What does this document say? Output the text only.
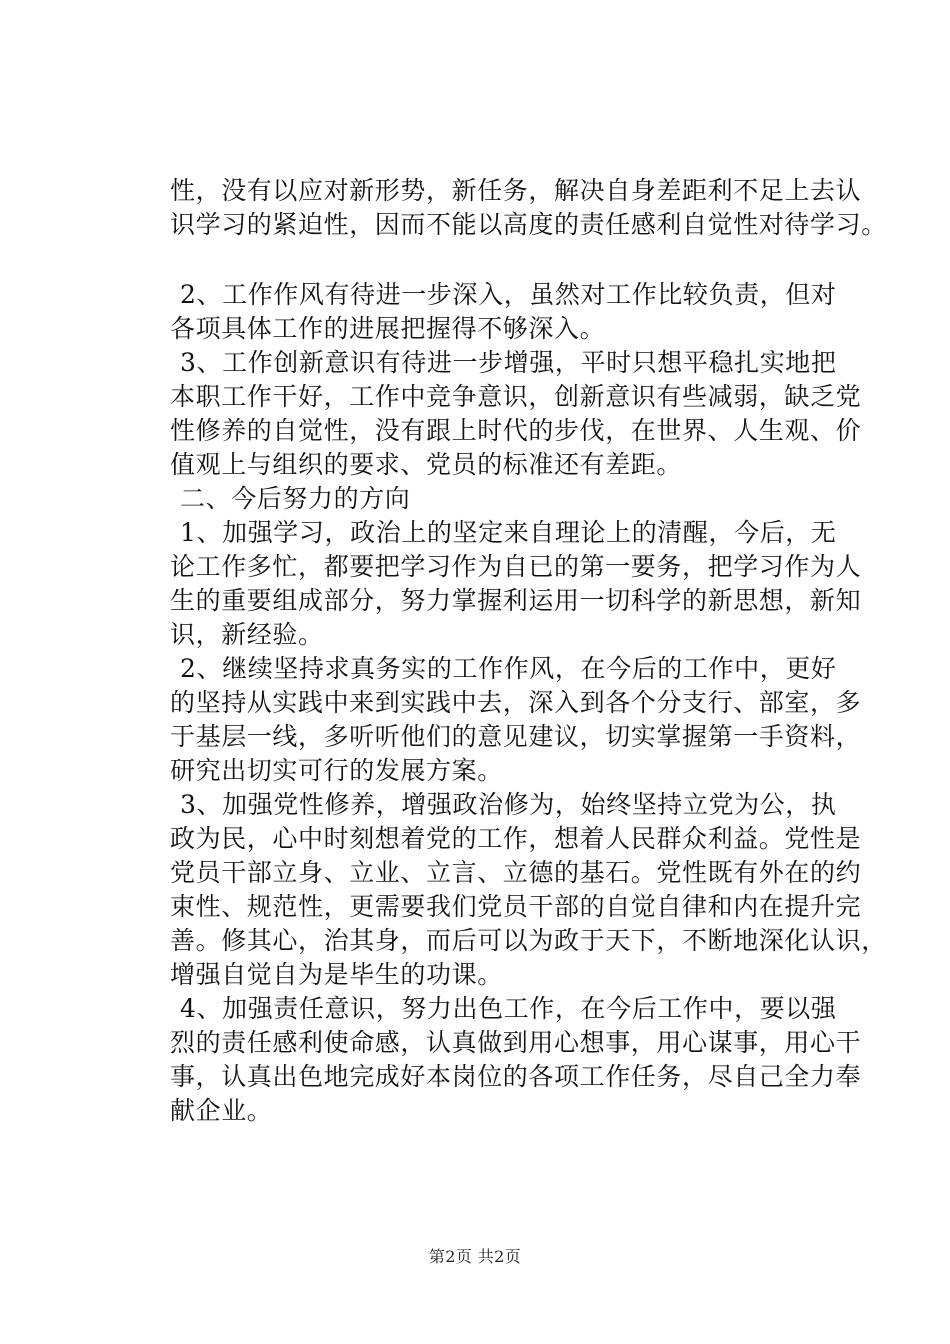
性，没有以应对新形势，新任务，解决自身差距利不足上去认
识学习的紧迫性，因而不能以高度的责任感利自觉性对待学习。
2、工作作风有待进一步深入，虽然对工作比较负责，但对
各项具体工作的进展把握得不够深入。
3、工作创新意识有待进一步增强，平时只想平稳扎实地把
本职工作干好，工作中竞争意识，创新意识有些减弱，缺乏党
性修养的自觉性，没有跟上时代的步伐，在世界、人生观、价
值观上与组织的要求、党员的标准还有差距。
二、今后努力的方向
1、加强学习，政治上的坚定来自理论上的清醒，今后，无
论工作多忙，都要把学习作为自已的第一要务，把学习作为人
生的重要组成部分，努力掌握利运用一切科学的新思想，新知
识，新经验。
2、继续坚持求真务实的工作作风，在今后的工作中，更好
的坚持从实践中来到实践中去，深入到各个分支行、部室，多
于基层一线，多听听他们的意见建议，切实掌握第一手资料，
研究出切实可行的发展方案。
3、加强党性修养，增强政治修为，始终坚持立党为公，执
政为民，心中时刻想着党的工作，想着人民群众利益。党性是
党员干部立身、立业、立言、立德的基石。党性既有外在的约
束性、规范性，更需要我们党员干部的自觉自律和内在提升完
善。修其心，治其身，而后可以为政于天下，不断地深化认识，
增强自觉自为是毕生的功课。
4、加强责任意识，努力出色工作，在今后工作中，要以强
烈的责任感利使命感，认真做到用心想事，用心谋事，用心干
事，认真出色地完成好本岗位的各项工作任务，尽自己全力奉
献企业。
第2页 共2页
